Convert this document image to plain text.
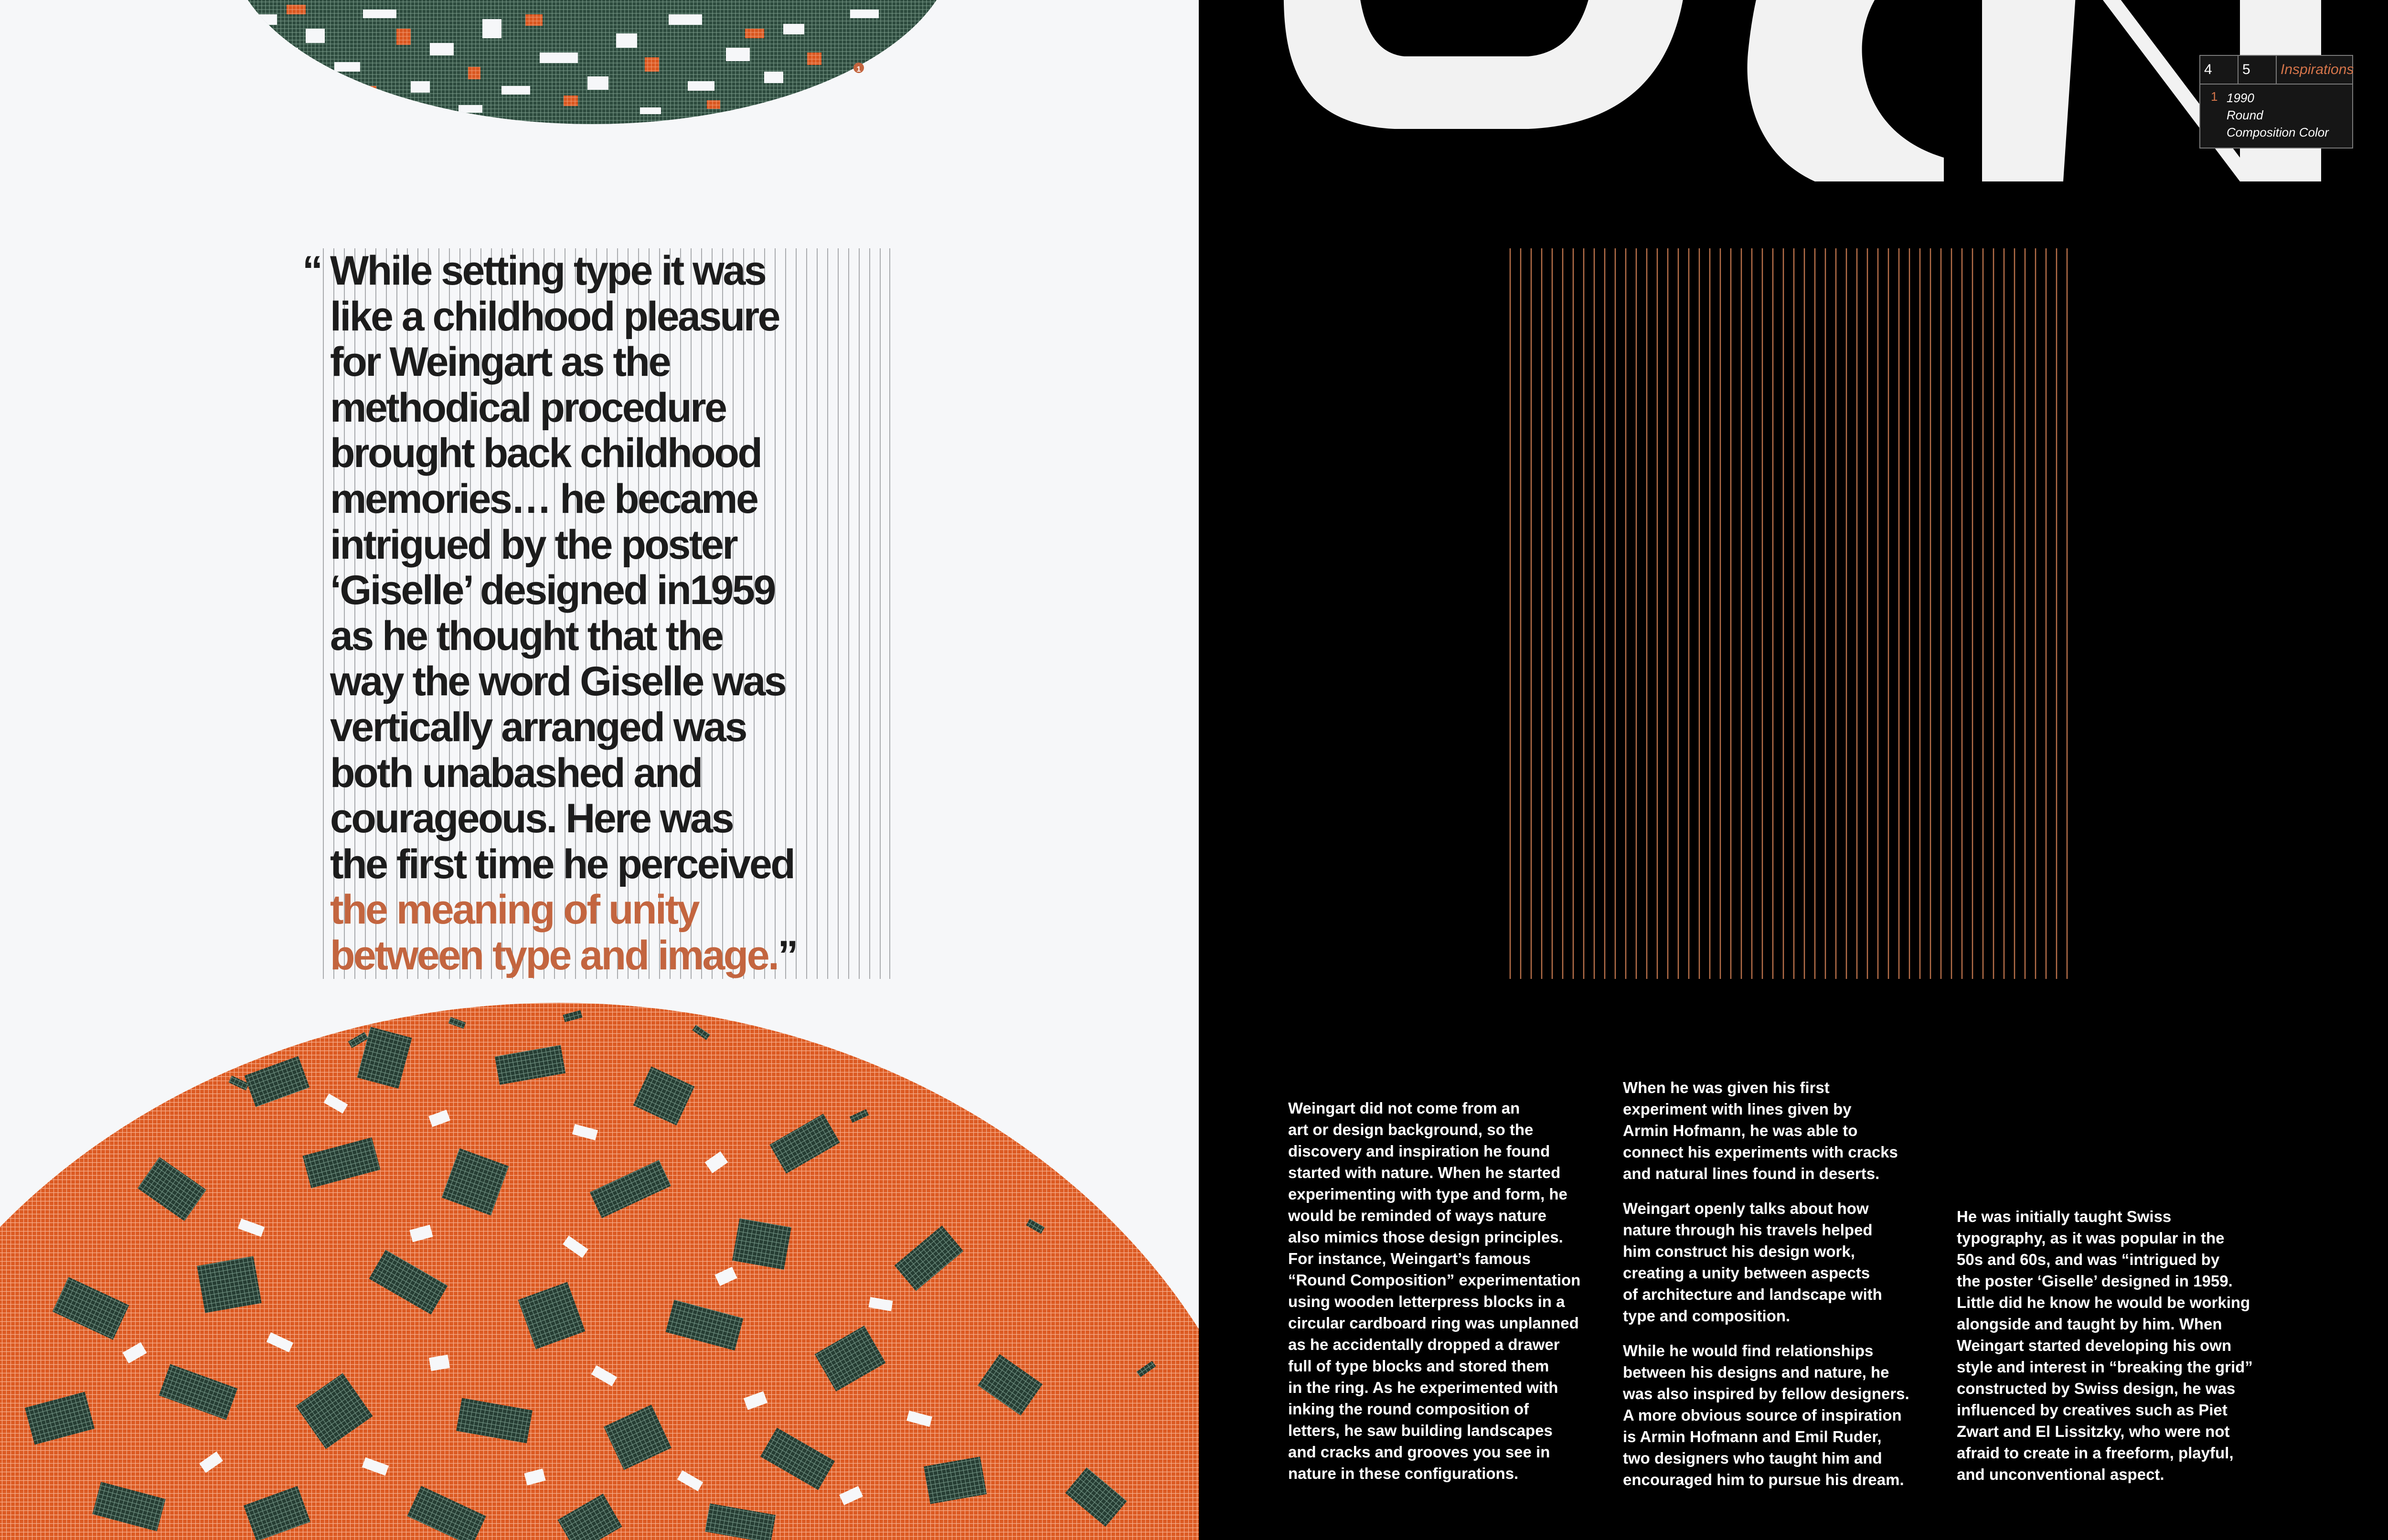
1

“ While setting type it was
like a childhood pleasure
for Weingart as the
methodical procedure
brought back childhood
memories… he became
intrigued by the poster
‘Giselle’ designed in1959
as he thought that the
way the word Giselle was
vertically arranged was
both unabashed and
courageous. Here was
the first time he perceived
the meaning of unity
between type and image.”

4	5	Inspirations
1 1990
Round
Composition Color

Weingart did not come from an
art or design background, so the
discovery and inspiration he found
started with nature. When he started
experimenting with type and form, he
would be reminded of ways nature
also mimics those design principles.
For instance, Weingart’s famous
“Round Composition” experimentation
using wooden letterpress blocks in a
circular cardboard ring was unplanned
as he accidentally dropped a drawer
full of type blocks and stored them
in the ring. As he experimented with
inking the round composition of
letters, he saw building landscapes
and cracks and grooves you see in
nature in these configurations.

When he was given his first
experiment with lines given by
Armin Hofmann, he was able to
connect his experiments with cracks
and natural lines found in deserts.

Weingart openly talks about how
nature through his travels helped
him construct his design work,
creating a unity between aspects
of architecture and landscape with
type and composition.

While he would find relationships
between his designs and nature, he
was also inspired by fellow designers.
A more obvious source of inspiration
is Armin Hofmann and Emil Ruder,
two designers who taught him and
encouraged him to pursue his dream.

He was initially taught Swiss
typography, as it was popular in the
50s and 60s, and was “intrigued by
the poster ‘Giselle’ designed in 1959.
Little did he know he would be working
alongside and taught by him. When
Weingart started developing his own
style and interest in “breaking the grid”
constructed by Swiss design, he was
influenced by creatives such as Piet
Zwart and El Lissitzky, who were not
afraid to create in a freeform, playful,
and unconventional aspect.
